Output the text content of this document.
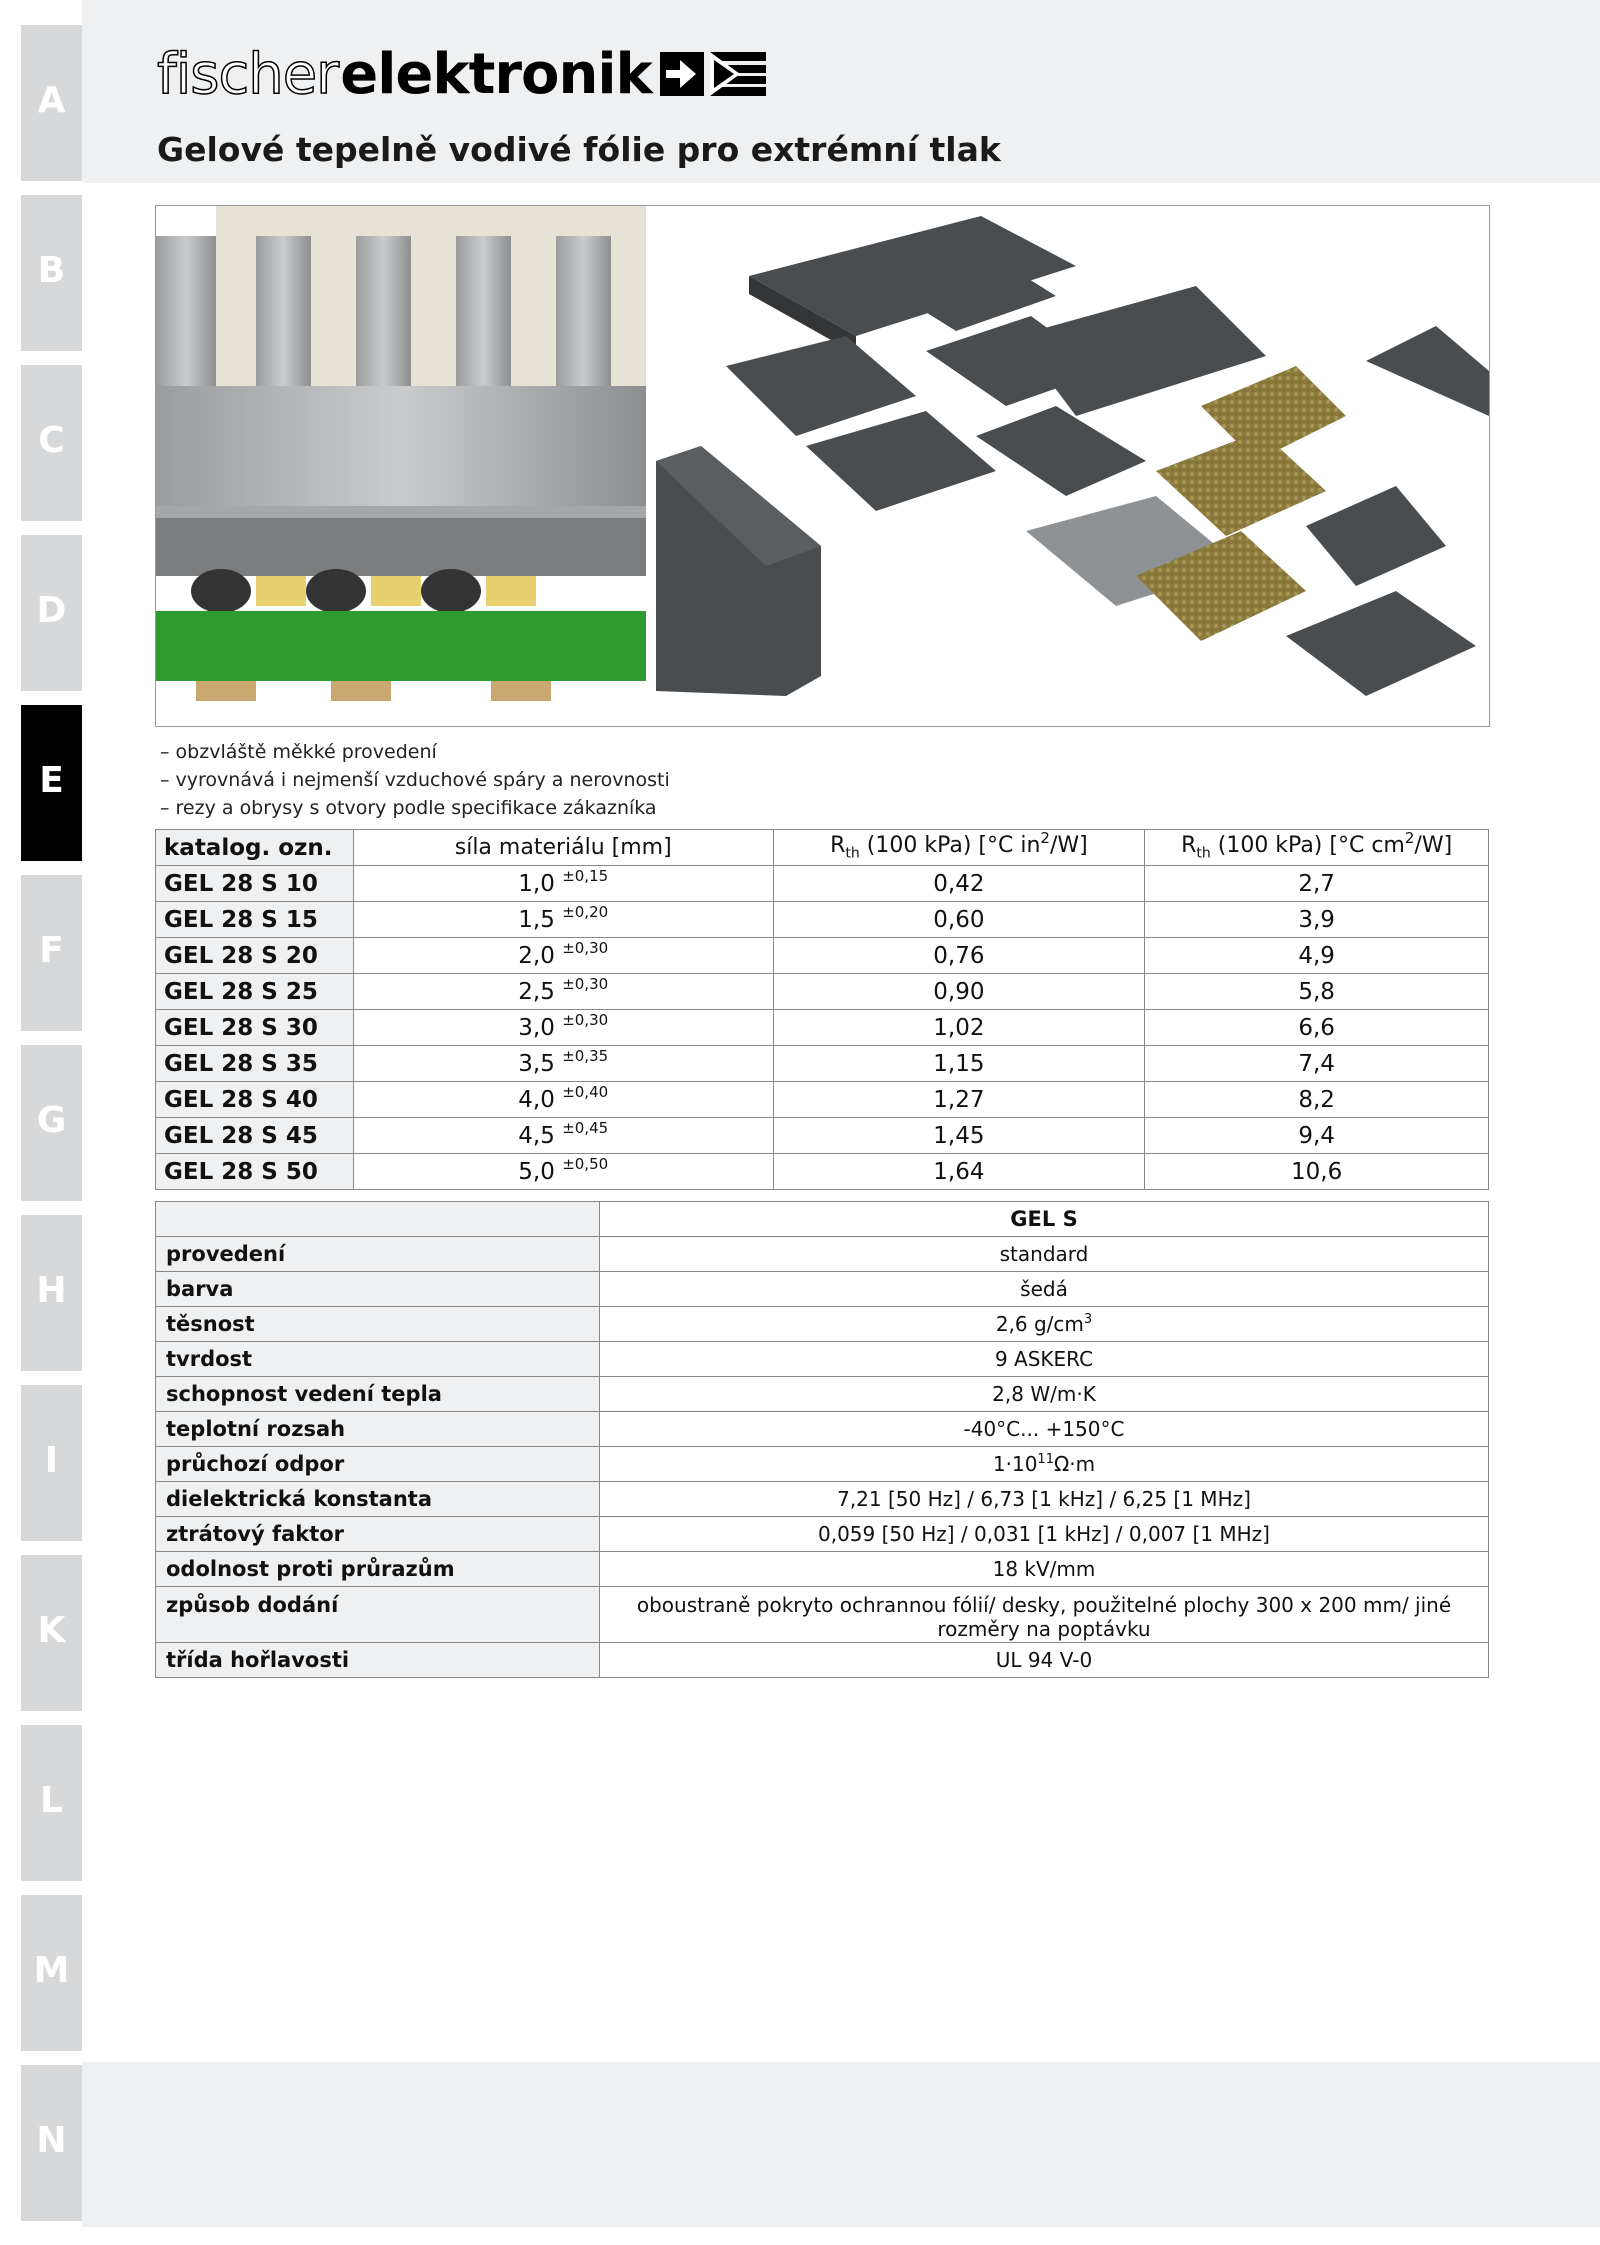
A
B
C
D
E
F
G
H
I
K
L
M
N
fischer elektronik
Gelové tepelně vodivé fólie pro extrémní tlak
– obzvláště měkké provedení
– vyrovnává i nejmenší vzduchové spáry a nerovnosti
– rezy a obrysy s otvory podle specifikace zákazníka
katalog. ozn.	síla materiálu [mm]	$R_{th}$ (100 kPa) [°C $in^2/W$]	$R_{th}$ (100 kPa) [°C $cm^2/W$]
GEL 28 S 10	1,0 $^{\pm 0,15}$	0,42	2,7
GEL 28 S 15	1,5 $^{\pm 0,20}$	0,60	3,9
GEL 28 S 20	2,0 $^{\pm 0,30}$	0,76	4,9
GEL 28 S 25	2,5 $^{\pm 0,30}$	0,90	5,8
GEL 28 S 30	3,0 $^{\pm 0,30}$	1,02	6,6
GEL 28 S 35	3,5 $^{\pm 0,35}$	1,15	7,4
GEL 28 S 40	4,0 $^{\pm 0,40}$	1,27	8,2
GEL 28 S 45	4,5 $^{\pm 0,45}$	1,45	9,4
GEL 28 S 50	5,0 $^{\pm 0,50}$	1,64	10,6
	GEL S
provedení	standard
barva	šedá
těsnost	2,6 $g/cm^3$
tvrdost	9 ASKERC
schopnost vedení tepla	2,8 W/m·K
teplotní rozsah	-40°C... +150°C
průchozí odpor	$1\cdot 10^{11}\Omega\cdot m$
dielektrická konstanta	7,21 [50 Hz] / 6,73 [1 kHz] / 6,25 [1 MHz]
ztrátový faktor	0,059 [50 Hz] / 0,031 [1 kHz] / 0,007 [1 MHz]
odolnost proti průrazům	18 kV/mm
způsob dodání	oboustraně pokryto ochrannou fólií/ desky, použitelné plochy 300 x 200 mm/ jiné rozměry na poptávku
třída hořlavosti	UL 94 V-0
